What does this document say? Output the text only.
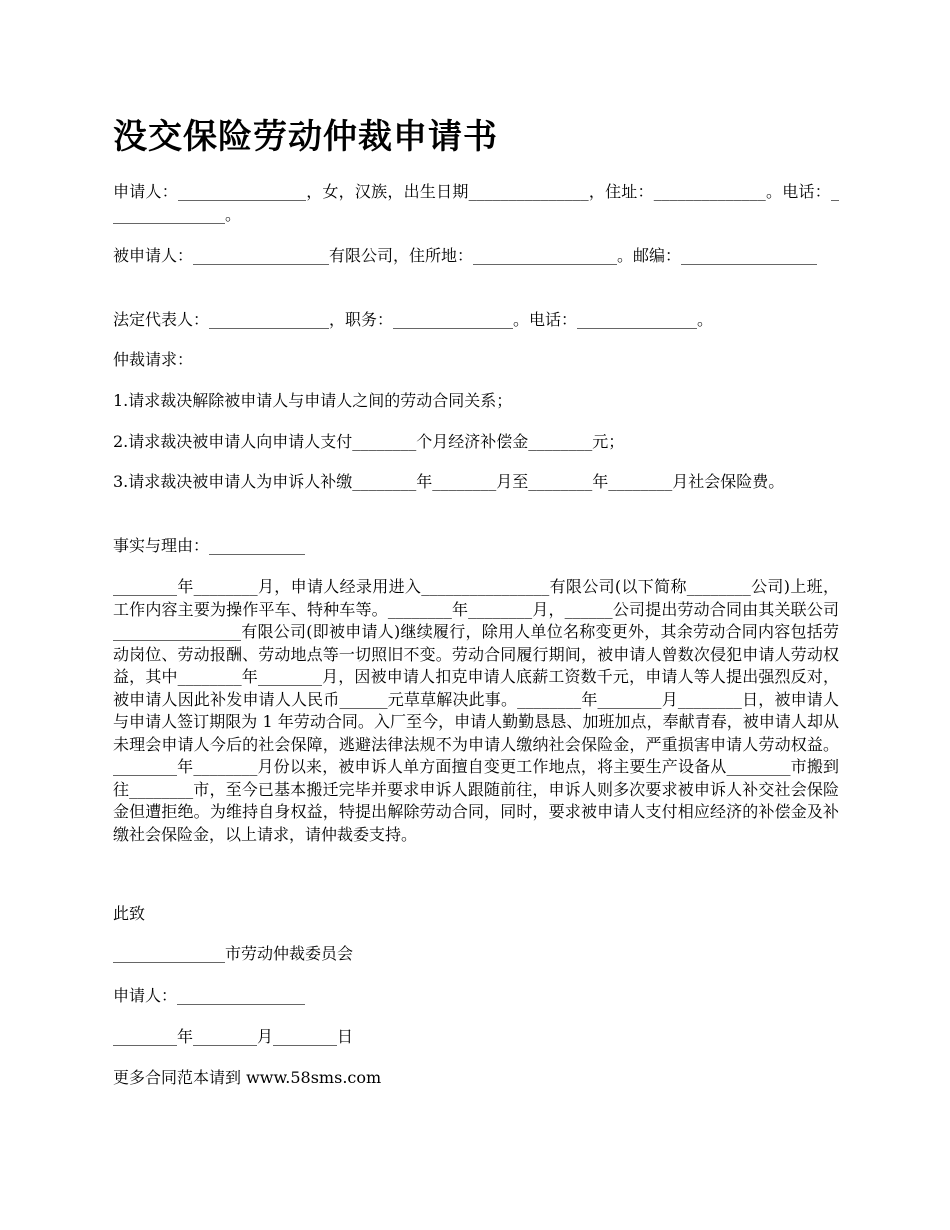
没交保险劳动仲裁申请书

申请人：________________，女，汉族，出生日期_______________，住址：______________。电话：_______________。

被申请人：_________________有限公司，住所地：__________________。邮编：_________________

法定代表人：_______________，职务：_______________。电话：_______________。

仲裁请求：

1.请求裁决解除被申请人与申请人之间的劳动合同关系；

2.请求裁决被申请人向申请人支付________个月经济补偿金________元；

3.请求裁决被申请人为申诉人补缴________年________月至________年________月社会保险费。

事实与理由：____________

________年________月，申请人经录用进入________________有限公司(以下简称________公司)上班，工作内容主要为操作平车、特种车等。________年________月，______公司提出劳动合同由其关联公司________________有限公司(即被申请人)继续履行，除用人单位名称变更外，其余劳动合同内容包括劳动岗位、劳动报酬、劳动地点等一切照旧不变。劳动合同履行期间，被申请人曾数次侵犯申请人劳动权益，其中________年________月，因被申请人扣克申请人底薪工资数千元，申请人等人提出强烈反对，被申请人因此补发申请人人民币______元草草解决此事。________年________月________日，被申请人与申请人签订期限为 1 年劳动合同。入厂至今，申请人勤勤恳恳、加班加点，奉献青春，被申请人却从未理会申请人今后的社会保障，逃避法律法规不为申请人缴纳社会保险金，严重损害申请人劳动权益。________年________月份以来，被申诉人单方面擅自变更工作地点，将主要生产设备从________市搬到往________市，至今已基本搬迁完毕并要求申诉人跟随前往，申诉人则多次要求被申诉人补交社会保险金但遭拒绝。为维持自身权益，特提出解除劳动合同，同时，要求被申请人支付相应经济的补偿金及补缴社会保险金，以上请求，请仲裁委支持。

此致

______________市劳动仲裁委员会

申请人：________________

________年________月________日

更多合同范本请到 www.58sms.com
